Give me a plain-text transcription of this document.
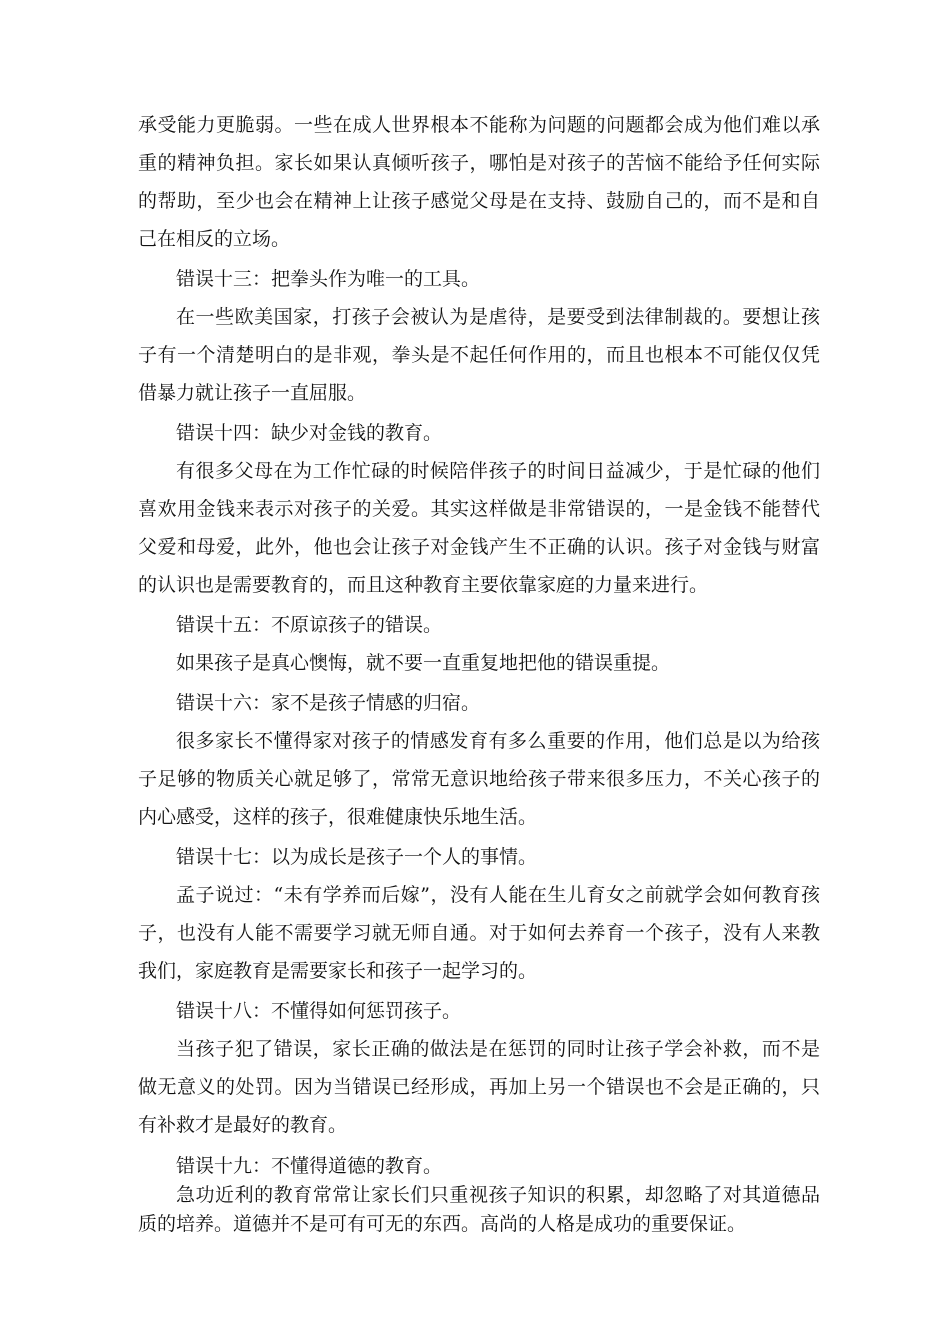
承受能力更脆弱。一些在成人世界根本不能称为问题的问题都会成为他们难以承重的精神负担。家长如果认真倾听孩子，哪怕是对孩子的苦恼不能给予任何实际的帮助，至少也会在精神上让孩子感觉父母是在支持、鼓励自己的，而不是和自己在相反的立场。

错误十三：把拳头作为唯一的工具。

在一些欧美国家，打孩子会被认为是虐待，是要受到法律制裁的。要想让孩子有一个清楚明白的是非观，拳头是不起任何作用的，而且也根本不可能仅仅凭借暴力就让孩子一直屈服。

错误十四：缺少对金钱的教育。

有很多父母在为工作忙碌的时候陪伴孩子的时间日益减少，于是忙碌的他们喜欢用金钱来表示对孩子的关爱。其实这样做是非常错误的，一是金钱不能替代父爱和母爱，此外，他也会让孩子对金钱产生不正确的认识。孩子对金钱与财富的认识也是需要教育的，而且这种教育主要依靠家庭的力量来进行。

错误十五：不原谅孩子的错误。

如果孩子是真心懊悔，就不要一直重复地把他的错误重提。

错误十六：家不是孩子情感的归宿。

很多家长不懂得家对孩子的情感发育有多么重要的作用，他们总是以为给孩子足够的物质关心就足够了，常常无意识地给孩子带来很多压力，不关心孩子的内心感受，这样的孩子，很难健康快乐地生活。

错误十七：以为成长是孩子一个人的事情。

孟子说过：“未有学养而后嫁”，没有人能在生儿育女之前就学会如何教育孩子，也没有人能不需要学习就无师自通。对于如何去养育一个孩子，没有人来教我们，家庭教育是需要家长和孩子一起学习的。

错误十八：不懂得如何惩罚孩子。

当孩子犯了错误，家长正确的做法是在惩罚的同时让孩子学会补救，而不是做无意义的处罚。因为当错误已经形成，再加上另一个错误也不会是正确的，只有补救才是最好的教育。

错误十九：不懂得道德的教育。

急功近利的教育常常让家长们只重视孩子知识的积累，却忽略了对其道德品质的培养。道德并不是可有可无的东西。高尚的人格是成功的重要保证。
